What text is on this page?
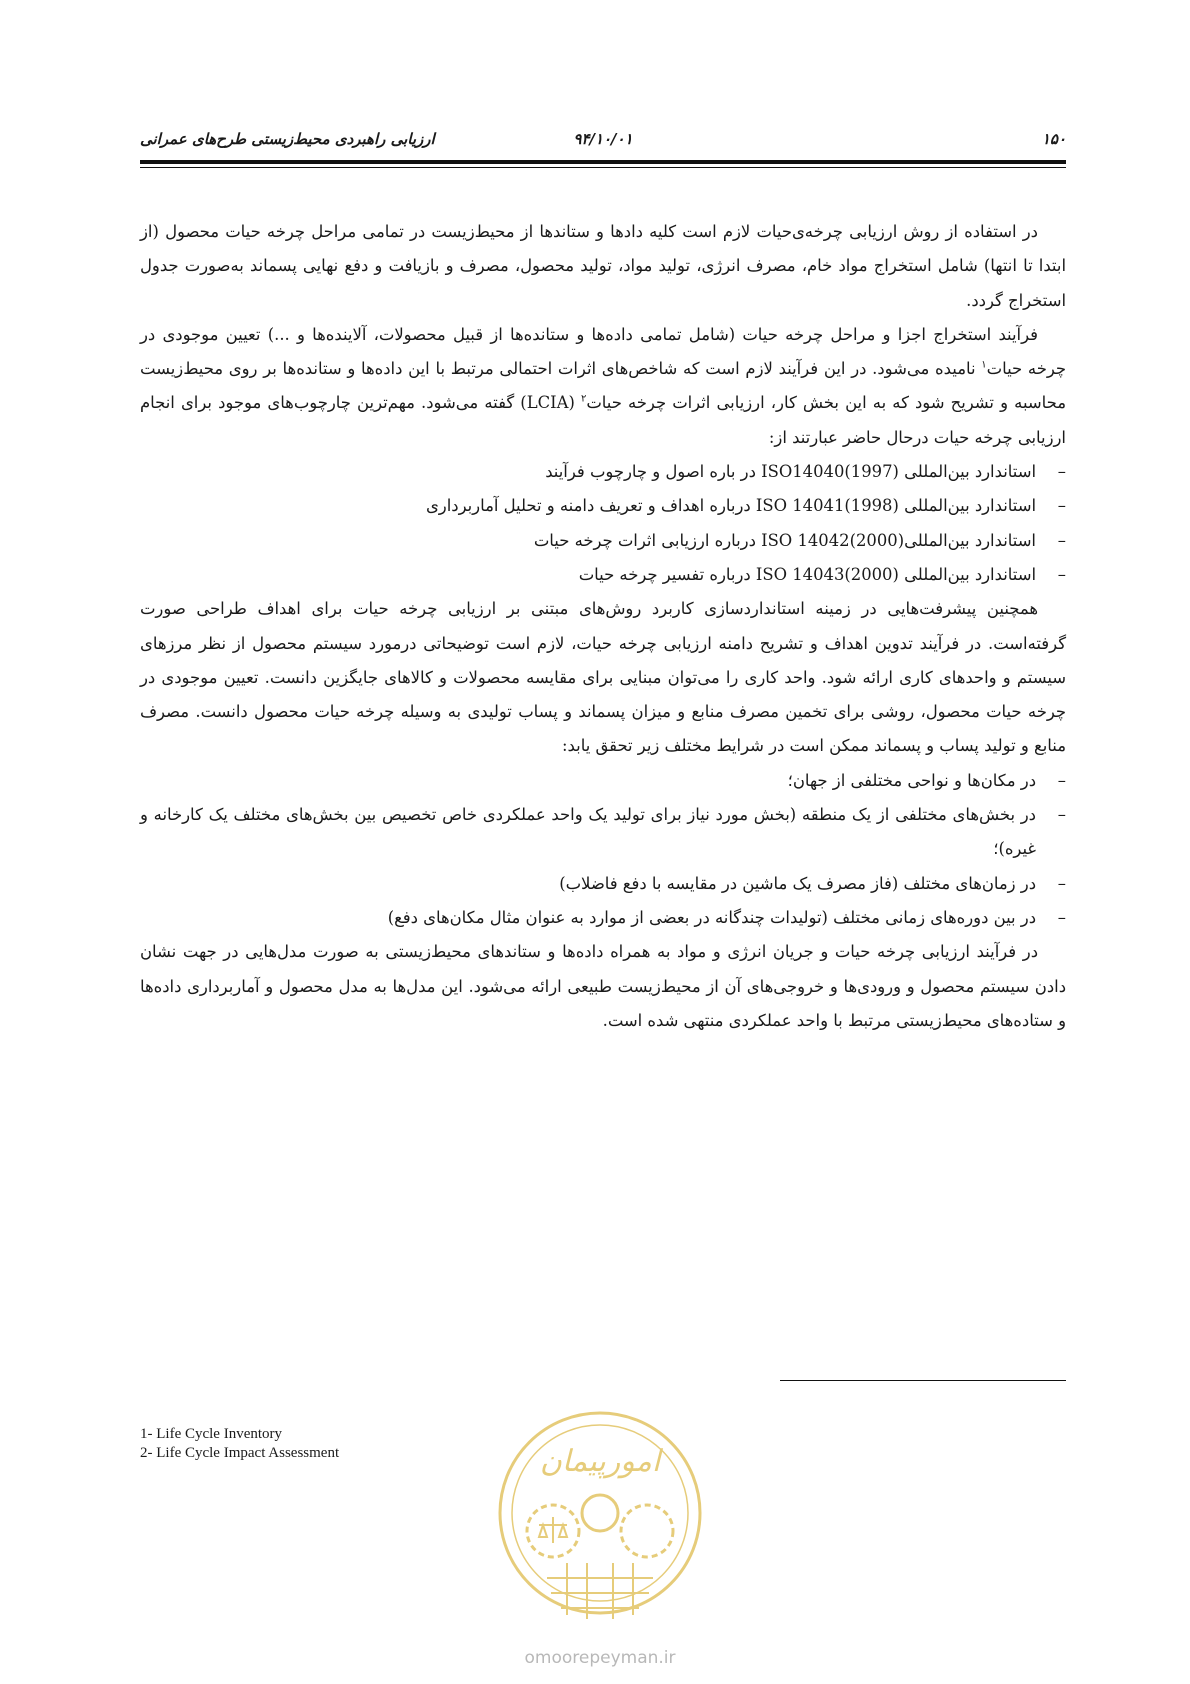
۱۵۰
۹۴/۱۰/۰۱
ارزیابی راهبردی محیط‌زیستی طرح‌های عمرانی

در استفاده از روش ارزیابی چرخه‌ی‌حیات لازم است کلیه دادها و ستاندها از محیط‌زیست در تمامی مراحل چرخه حیات محصول (از ابتدا تا انتها) شامل استخراج مواد خام، مصرف انرژی، تولید مواد، تولید محصول، مصرف و بازیافت و دفع نهایی پسماند به‌صورت جدول استخراج گردد.

فرآیند استخراج اجزا و مراحل چرخه حیات (شامل تمامی داده‌ها و ستانده‌ها از قبیل محصولات، آلاینده‌ها و ...) تعیین موجودی در چرخه حیات$^۱$ نامیده می‌شود. در این فرآیند لازم است که شاخص‌های اثرات احتمالی مرتبط با این داده‌ها و ستانده‌ها بر روی محیط‌زیست محاسبه و تشریح شود که به این بخش کار، ارزیابی اثرات چرخه حیات$^۲$ (LCIA) گفته می‌شود. مهم‌ترین چارچوب‌های موجود برای انجام ارزیابی چرخه حیات درحال حاضر عبارتند از:

–
استاندارد بین‌المللی (ISO14040(1997 در باره اصول و چارچوب فرآیند
–
استاندارد بین‌المللی (ISO 14041(1998 درباره اهداف و تعریف دامنه و تحلیل آماربرداری
–
استاندارد بین‌المللی(ISO 14042(2000 درباره ارزیابی اثرات چرخه حیات
–
استاندارد بین‌المللی (ISO 14043(2000 درباره تفسیر چرخه حیات

همچنین پیشرفت‌هایی در زمینه استانداردسازی کاربرد روش‌های مبتنی بر ارزیابی چرخه حیات برای اهداف طراحی صورت گرفته‌است. در فرآیند تدوین اهداف و تشریح دامنه ارزیابی چرخه حیات، لازم است توضیحاتی درمورد سیستم محصول از نظر مرزهای سیستم و واحدهای کاری ارائه شود. واحد کاری را می‌توان مبنایی برای مقایسه محصولات و کالاهای جایگزین دانست. تعیین موجودی در چرخه حیات محصول، روشی برای تخمین مصرف منابع و میزان پسماند و پساب تولیدی به وسیله چرخه حیات محصول دانست. مصرف منابع و تولید پساب و پسماند ممکن است در شرایط مختلف زیر تحقق یابد:

–
در مکان‌ها و نواحی مختلفی از جهان؛
–
در بخش‌های مختلفی از یک منطقه (بخش مورد نیاز برای تولید یک واحد عملکردی خاص تخصیص بین بخش‌های مختلف یک کارخانه و غیره)؛
–
در زمان‌های مختلف (فاز مصرف یک ماشین در مقایسه با دفع فاضلاب)
–
در بین دوره‌های زمانی مختلف (تولیدات چندگانه در بعضی از موارد به عنوان مثال مکان‌های دفع)

در فرآیند ارزیابی چرخه حیات و جریان انرژی و مواد به همراه داده‌ها و ستاندهای محیط‌زیستی به صورت مدل‌هایی در جهت نشان دادن سیستم محصول و ورودی‌ها و خروجی‌های آن از محیط‌زیست طبیعی ارائه می‌شود. این مدل‌ها به مدل محصول و آماربرداری داده‌ها و ستاده‌های محیط‌زیستی مرتبط با واحد عملکردی منتهی شده است.

1- Life Cycle Inventory
2- Life Cycle Impact Assessment	امورپیمان
omoorepeyman.ir
